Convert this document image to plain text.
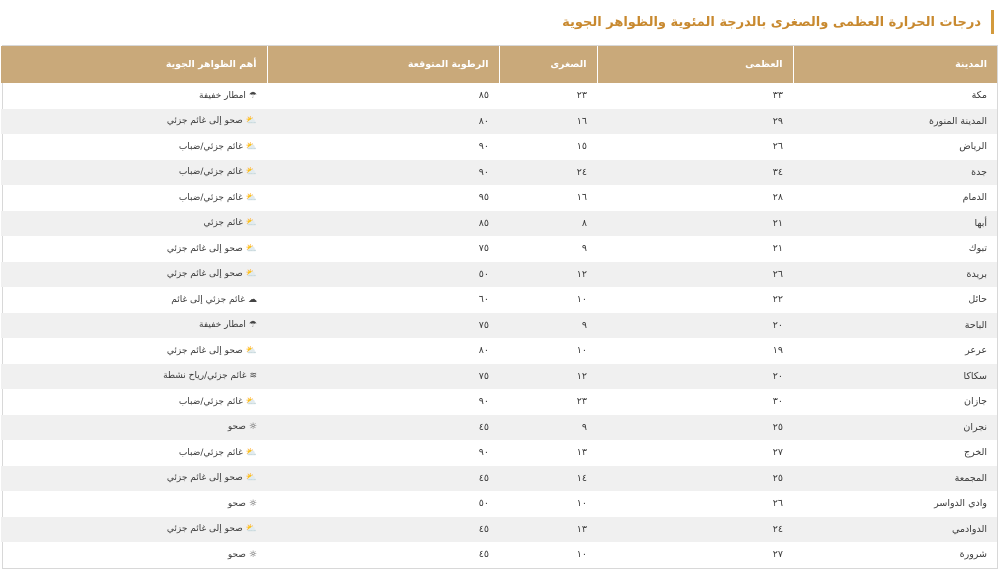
درجات الحرارة العظمى والصغرى بالدرجة المئوية والظواهر الجوية
المدينة	العظمى	الصغرى	الرطوبة المتوقعة	أهم الظواهر الجوية
مكة	٣٣	٢٣	٨٥	☂امطار خفيفة
المدينة المنورة	٢٩	١٦	٨٠	⛅صحو إلى غائم جزئي
الرياض	٢٦	١٥	٩٠	⛅غائم جزئي/ضباب
جدة	٣٤	٢٤	٩٠	⛅غائم جزئي/ضباب
الدمام	٢٨	١٦	٩٥	⛅غائم جزئي/ضباب
أبها	٢١	٨	٨٥	⛅غائم جزئي
تبوك	٢١	٩	٧٥	⛅صحو إلى غائم جزئي
بريدة	٢٦	١٢	٥٠	⛅صحو إلى غائم جزئي
حائل	٢٢	١٠	٦٠	☁غائم جزئي إلى غائم
الباحة	٢٠	٩	٧٥	☂امطار خفيفة
عرعر	١٩	١٠	٨٠	⛅صحو إلى غائم جزئي
سكاكا	٢٠	١٢	٧٥	≋غائم جزئي/رياح نشطة
جازان	٣٠	٢٣	٩٠	⛅غائم جزئي/ضباب
نجران	٢٥	٩	٤٥	☼صحو
الخرج	٢٧	١٣	٩٠	⛅غائم جزئي/ضباب
المجمعة	٢٥	١٤	٤٥	⛅صحو إلى غائم جزئي
وادي الدواسر	٢٦	١٠	٥٠	☼صحو
الدوادمي	٢٤	١٣	٤٥	⛅صحو إلى غائم جزئي
شرورة	٢٧	١٠	٤٥	☼صحو
